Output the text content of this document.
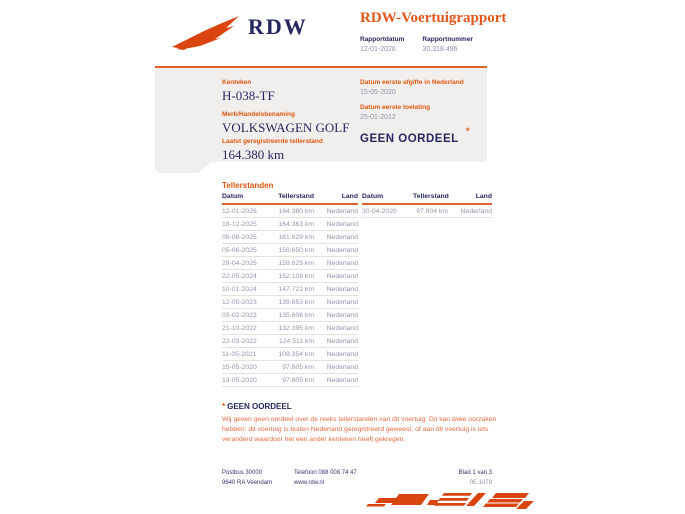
RDW	RDW-Voertuigrapport
Rapportdatum
12-01-2026
Rapportnummer
30.318.496
Kenteken
H-038-TF
Merk/Handelsbenaming
VOLKSWAGEN GOLF
Laatst geregistreerde tellerstand
164.380 km
Datum eerste afgifte in Nederland
15-05-2020
Datum eerste toelating
25-01-2012
GEEN OORDEEL
*
Tellerstanden
Datum	Tellerstand	Land
12-01-2026	164.380 km	Nederland
18-12-2025	164.363 km	Nederland
08-08-2025	161.629 km	Nederland
05-06-2025	159.650 km	Nederland
29-04-2025	159.625 km	Nederland
22-05-2024	152.108 km	Nederland
10-01-2024	147.721 km	Nederland
12-05-2023	139.653 km	Nederland
03-02-2023	135.606 km	Nederland
21-10-2022	132.395 km	Nederland
22-03-2022	124.511 km	Nederland
11-05-2021	109.354 km	Nederland
15-05-2020	97.805 km	Nederland
13-05-2020	97.805 km	Nederland
Datum	Tellerstand	Land
30-04-2020	97.804 km	Nederland
* GEEN OORDEEL
Wij geven geen oordeel over de reeks tellerstanden van dit voertuig. Dit kan twee oorzaken hebben: dit voertuig is buiten Nederland geregistreerd geweest, of aan dit voertuig is iets veranderd waardoor het een ander kenteken heeft gekregen.
Postbus 30000
9640 RA Veendam
Telefoon 088 008 74 47
www.rdw.nl
Blad 1 van 3
0E 1078
